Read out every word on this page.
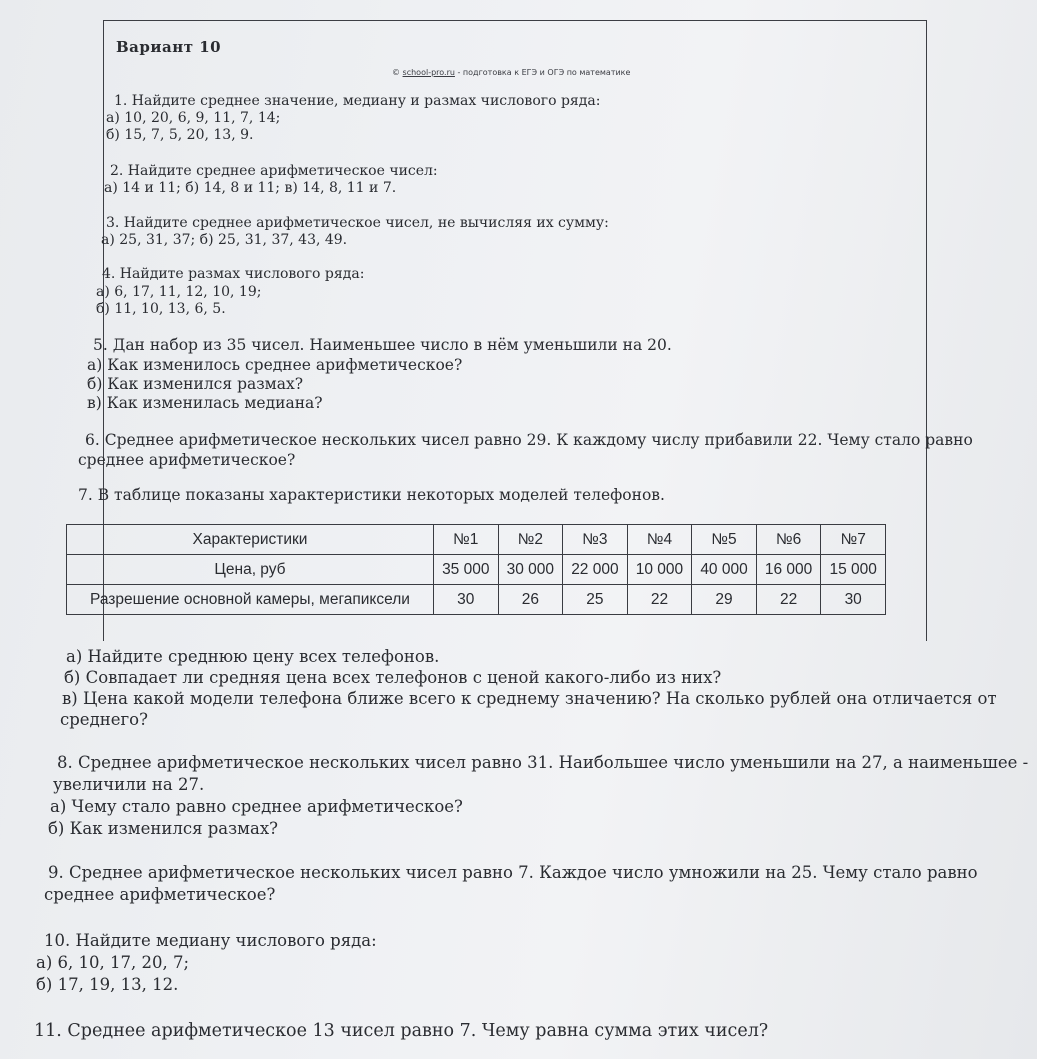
Вариант 10
© school-pro.ru - подготовка к ЕГЭ и ОГЭ по математике
1. Найдите среднее значение, медиану и размах числового ряда:
а) 10, 20, 6, 9, 11, 7, 14;
б) 15, 7, 5, 20, 13, 9.
2. Найдите среднее арифметическое чисел:
а) 14 и 11; б) 14, 8 и 11; в) 14, 8, 11 и 7.
3. Найдите среднее арифметическое чисел, не вычисляя их сумму:
а) 25, 31, 37; б) 25, 31, 37, 43, 49.
4. Найдите размах числового ряда:
а) 6, 17, 11, 12, 10, 19;
б) 11, 10, 13, 6, 5.
5. Дан набор из 35 чисел. Наименьшее число в нём уменьшили на 20.
а) Как изменилось среднее арифметическое?
б) Как изменился размах?
в) Как изменилась медиана?
6. Среднее арифметическое нескольких чисел равно 29. К каждому числу прибавили 22. Чему стало равно
среднее арифметическое?
7. В таблице показаны характеристики некоторых моделей телефонов.
Характеристики	№1	№2	№3	№4	№5	№6	№7
Цена, руб	35 000	30 000	22 000	10 000	40 000	16 000	15 000
Разрешение основной камеры, мегапиксели	30	26	25	22	29	22	30
а) Найдите среднюю цену всех телефонов.
б) Совпадает ли средняя цена всех телефонов с ценой какого-либо из них?
в) Цена какой модели телефона ближе всего к среднему значению? На сколько рублей она отличается от
среднего?
8. Среднее арифметическое нескольких чисел равно 31. Наибольшее число уменьшили на 27, а наименьшее -
увеличили на 27.
а) Чему стало равно среднее арифметическое?
б) Как изменился размах?
9. Среднее арифметическое нескольких чисел равно 7. Каждое число умножили на 25. Чему стало равно
среднее арифметическое?
10. Найдите медиану числового ряда:
а) 6, 10, 17, 20, 7;
б) 17, 19, 13, 12.
11. Среднее арифметическое 13 чисел равно 7. Чему равна сумма этих чисел?
